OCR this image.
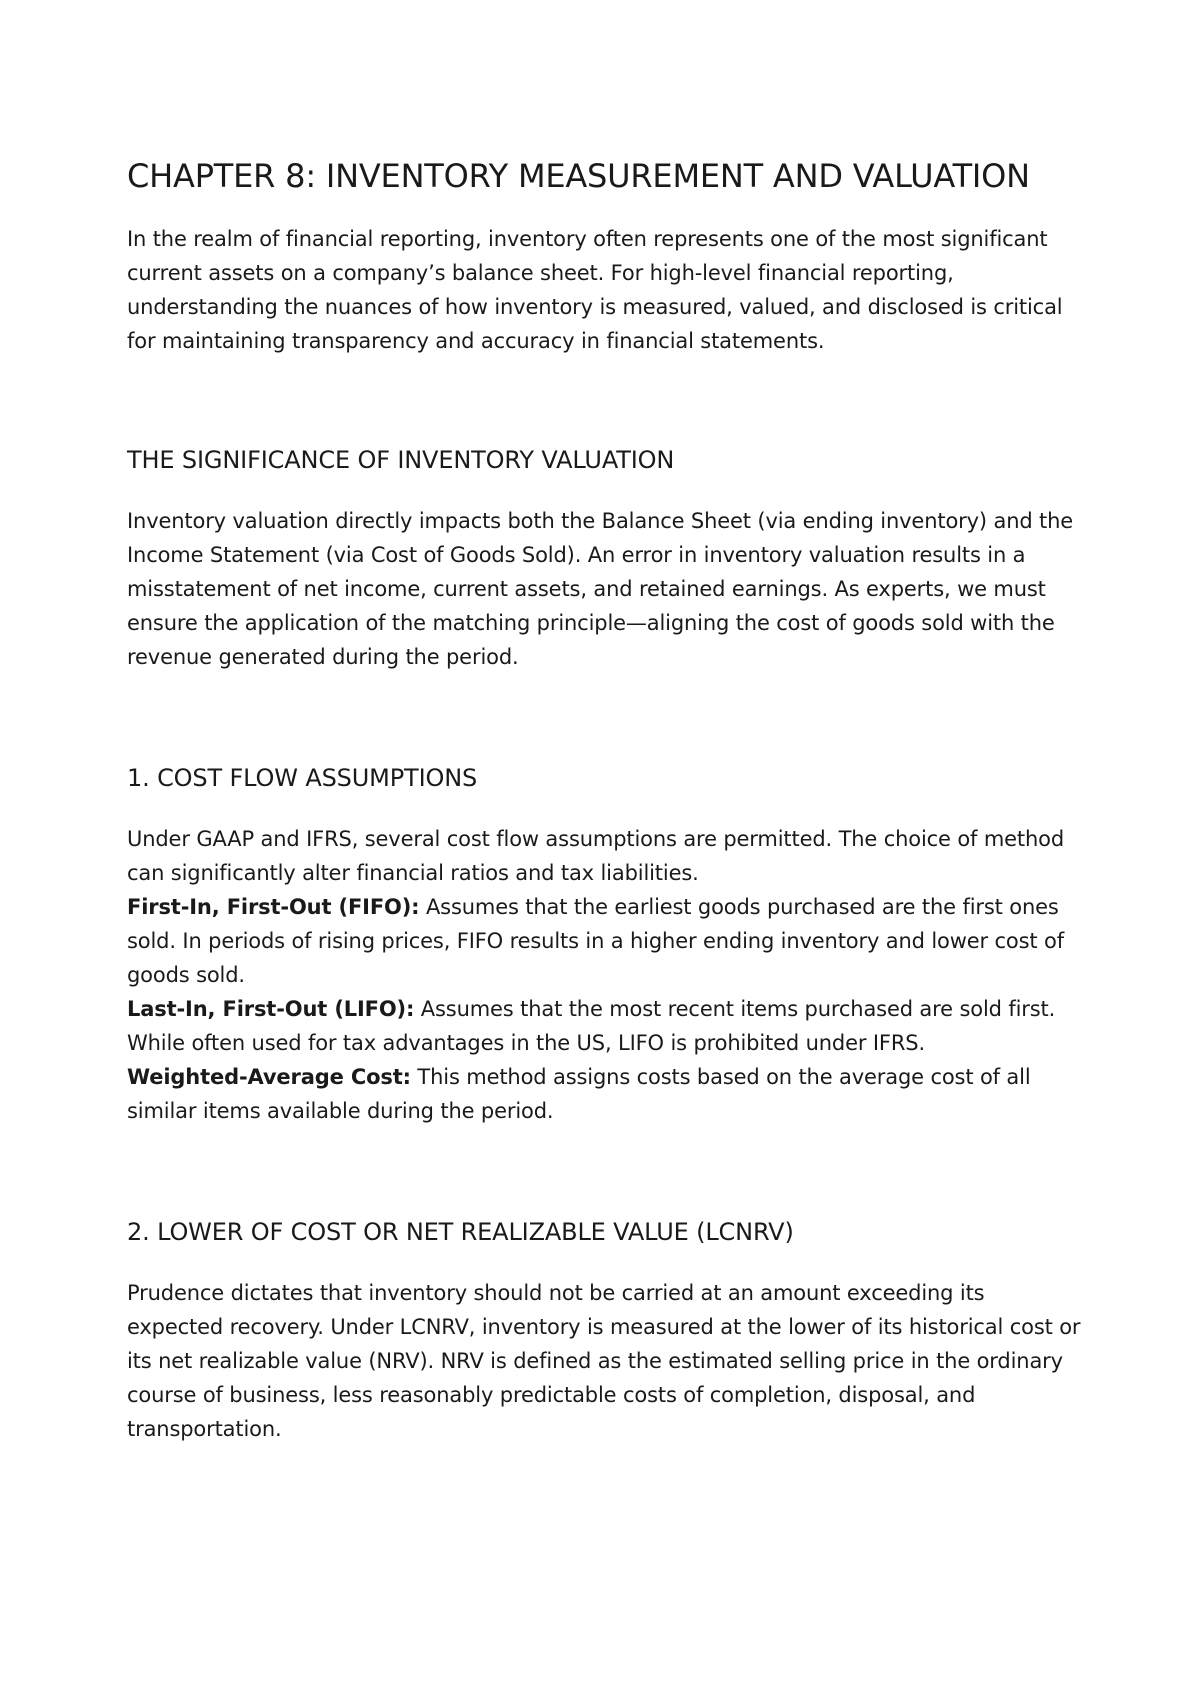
CHAPTER 8: INVENTORY MEASUREMENT AND VALUATION

In the realm of financial reporting, inventory often represents one of the most significant current assets on a company’s balance sheet. For high-level financial reporting, understanding the nuances of how inventory is measured, valued, and disclosed is critical for maintaining transparency and accuracy in financial statements.

THE SIGNIFICANCE OF INVENTORY VALUATION

Inventory valuation directly impacts both the Balance Sheet (via ending inventory) and the Income Statement (via Cost of Goods Sold). An error in inventory valuation results in a misstatement of net income, current assets, and retained earnings. As experts, we must ensure the application of the matching principle—aligning the cost of goods sold with the revenue generated during the period.

1. COST FLOW ASSUMPTIONS

Under GAAP and IFRS, several cost flow assumptions are permitted. The choice of method can significantly alter financial ratios and tax liabilities.

First-In, First-Out (FIFO): Assumes that the earliest goods purchased are the first ones sold. In periods of rising prices, FIFO results in a higher ending inventory and lower cost of goods sold.

Last-In, First-Out (LIFO): Assumes that the most recent items purchased are sold first. While often used for tax advantages in the US, LIFO is prohibited under IFRS.

Weighted-Average Cost: This method assigns costs based on the average cost of all similar items available during the period.

2. LOWER OF COST OR NET REALIZABLE VALUE (LCNRV)

Prudence dictates that inventory should not be carried at an amount exceeding its expected recovery. Under LCNRV, inventory is measured at the lower of its historical cost or its net realizable value (NRV). NRV is defined as the estimated selling price in the ordinary course of business, less reasonably predictable costs of completion, disposal, and transportation.
